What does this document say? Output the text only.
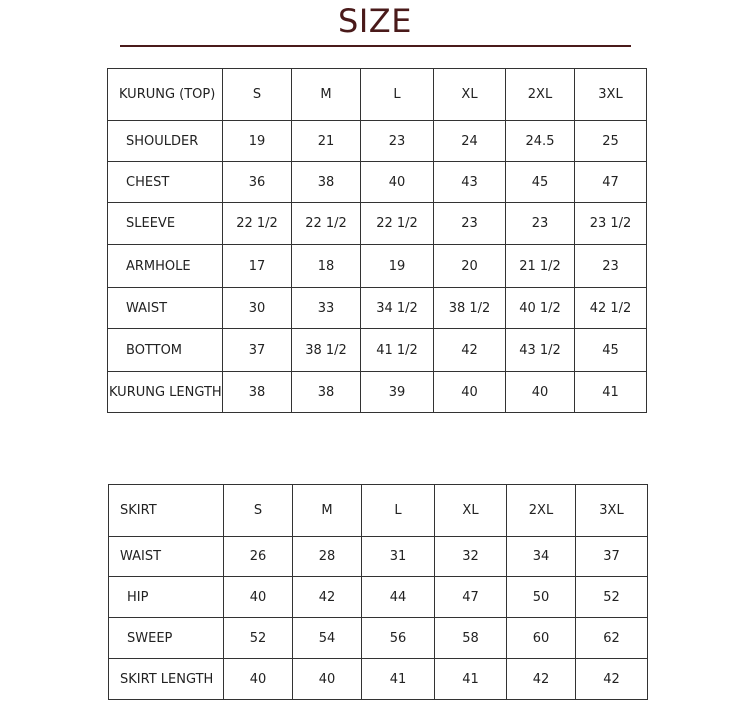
SIZE
KURUNG (TOP)	S	M	L	XL	2XL	3XL
SHOULDER	19	21	23	24	24.5	25
CHEST	36	38	40	43	45	47
SLEEVE	22 1/2	22 1/2	22 1/2	23	23	23 1/2
ARMHOLE	17	18	19	20	21 1/2	23
WAIST	30	33	34 1/2	38 1/2	40 1/2	42 1/2
BOTTOM	37	38 1/2	41 1/2	42	43 1/2	45
KURUNG LENGTH	38	38	39	40	40	41
SKIRT	S	M	L	XL	2XL	3XL
WAIST	26	28	31	32	34	37
HIP	40	42	44	47	50	52
SWEEP	52	54	56	58	60	62
SKIRT LENGTH	40	40	41	41	42	42
